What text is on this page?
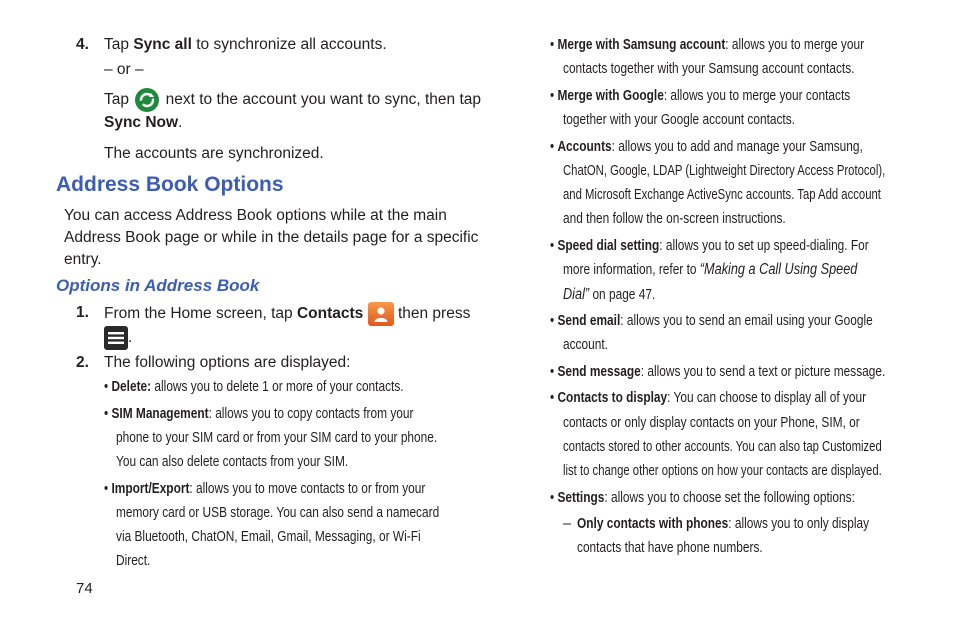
4. Tap Sync all to synchronize all accounts.
– or –
Tap next to the account you want to sync, then tap
Sync Now.
The accounts are synchronized.
Address Book Options
You can access Address Book options while at the main
Address Book page or while in the details page for a specific
entry.
Options in Address Book
1. From the Home screen, tap Contacts then press
.
2. The following options are displayed:
• Delete: allows you to delete 1 or more of your contacts.
• SIM Management: allows you to copy contacts from your
phone to your SIM card or from your SIM card to your phone.
You can also delete contacts from your SIM.
• Import/Export: allows you to move contacts to or from your
memory card or USB storage. You can also send a namecard
via Bluetooth, ChatON, Email, Gmail, Messaging, or Wi-Fi
Direct.
• Merge with Samsung account: allows you to merge your
contacts together with your Samsung account contacts.
• Merge with Google: allows you to merge your contacts
together with your Google account contacts.
• Accounts: allows you to add and manage your Samsung,
ChatON, Google, LDAP (Lightweight Directory Access Protocol),
and Microsoft Exchange ActiveSync accounts. Tap Add account
and then follow the on-screen instructions.
• Speed dial setting: allows you to set up speed-dialing. For
more information, refer to “Making a Call Using Speed
Dial” on page 47.
• Send email: allows you to send an email using your Google
account.
• Send message: allows you to send a text or picture message.
• Contacts to display: You can choose to display all of your
contacts or only display contacts on your Phone, SIM, or
contacts stored to other accounts. You can also tap Customized
list to change other options on how your contacts are displayed.
• Settings: allows you to choose set the following options:
– Only contacts with phones: allows you to only display
contacts that have phone numbers.
74
